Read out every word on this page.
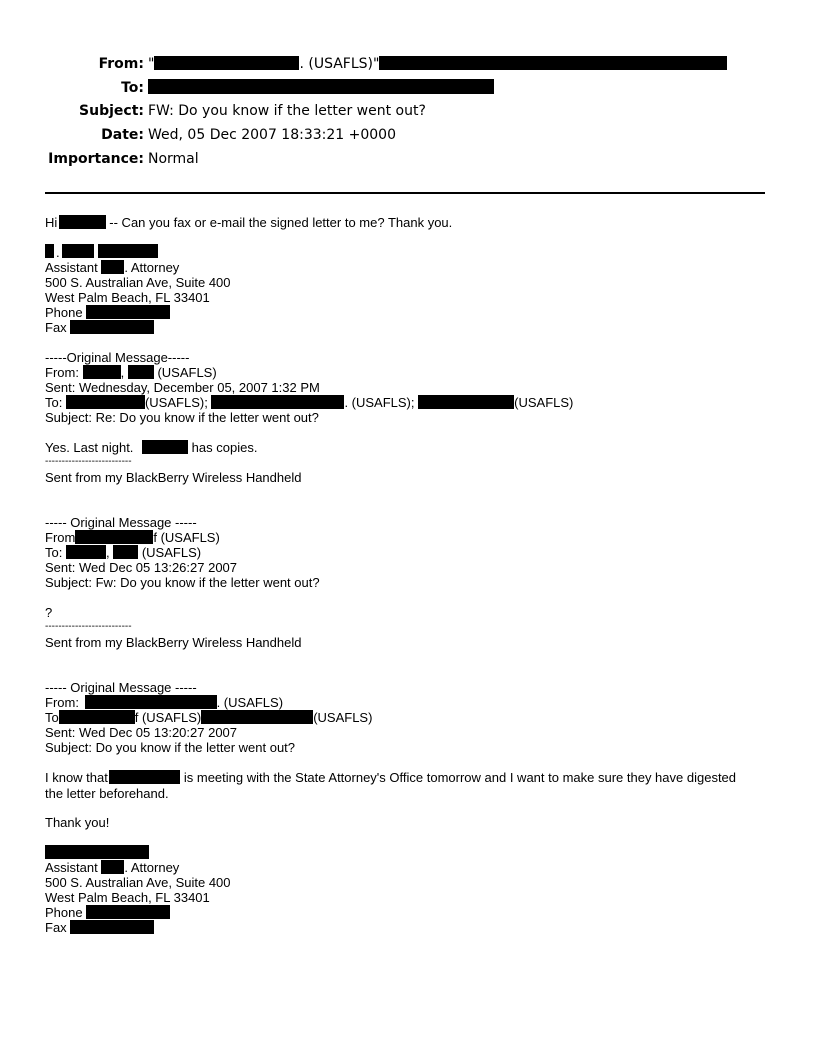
From: "	. (USAFLS)"
To:
Subject: FW: Do you know if the letter went out?
Date: Wed, 05 Dec 2007 18:33:21 +0000
Importance: Normal
Hi	-- Can you fax or e-mail the signed letter to me? Thank you.
.
Assistant . Attorney
500 S. Australian Ave, Suite 400
West Palm Beach, FL 33401
Phone
Fax
-----Original Message-----
From:	,	(USAFLS)
Sent: Wednesday, December 05, 2007 1:32 PM
To:	(USAFLS);	. (USAFLS);	(USAFLS)
Subject: Re: Do you know if the letter went out?
Yes. Last night.	has copies.
--------------------------
Sent from my BlackBerry Wireless Handheld
----- Original Message -----
From	f (USAFLS)
To:	, (USAFLS)
Sent: Wed Dec 05 13:26:27 2007
Subject: Fw: Do you know if the letter went out?
?
--------------------------
Sent from my BlackBerry Wireless Handheld
----- Original Message -----
From:	. (USAFLS)
To	f (USAFLS)	(USAFLS)
Sent: Wed Dec 05 13:20:27 2007
Subject: Do you know if the letter went out?
I know that	is meeting with the State Attorney's Office tomorrow and I want to make sure they have digested
the letter beforehand.
Thank you!
Assistant . Attorney
500 S. Australian Ave, Suite 400
West Palm Beach, FL 33401
Phone
Fax
